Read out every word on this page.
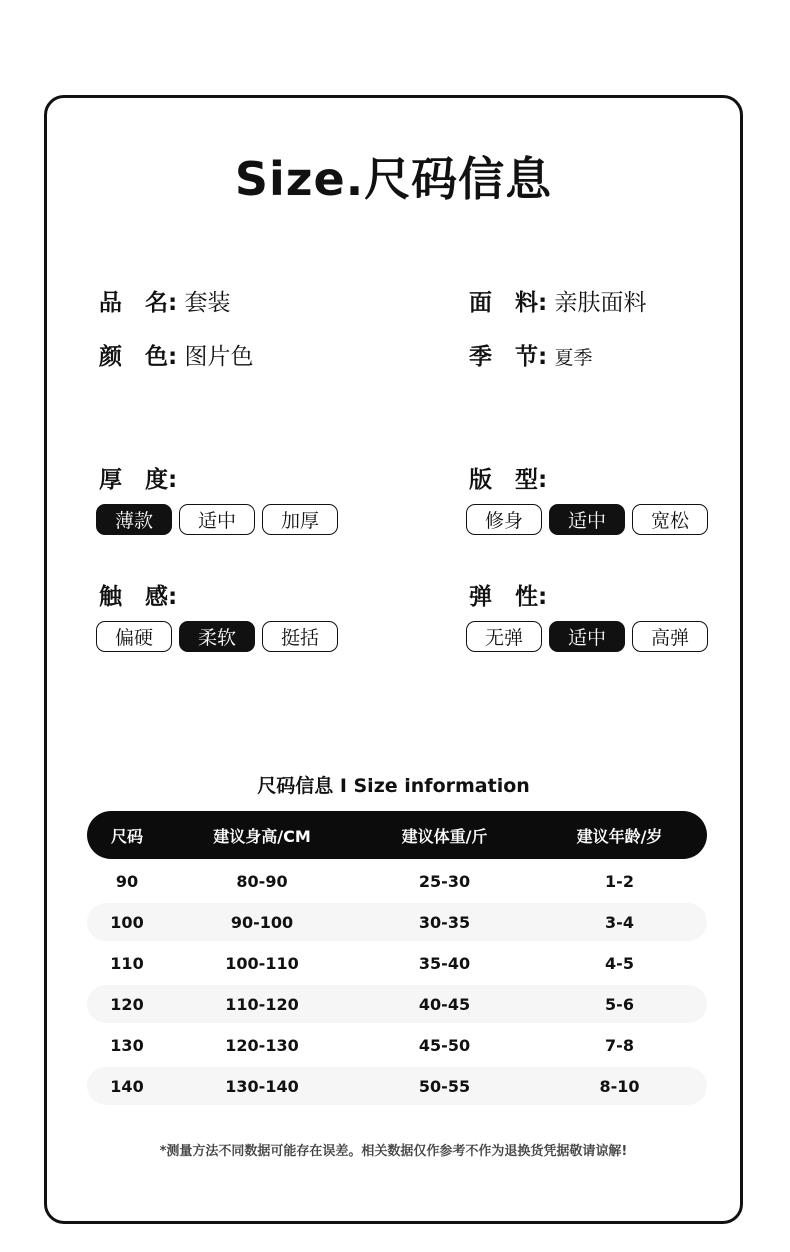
Size.尺码信息
品　名: 套装
颜　色: 图片色
面　料: 亲肤面料
季　节: 夏季
厚　度:
薄款	适中	加厚
版　型:
修身	适中	宽松
触　感:
偏硬	柔软	挺括
弹　性:
无弹	适中	高弹
尺码信息 I Size information
尺码	建议身高/CM	建议体重/斤	建议年龄/岁
90	80-90	25-30	1-2
100	90-100	30-35	3-4
110	100-110	35-40	4-5
120	110-120	40-45	5-6
130	120-130	45-50	7-8
140	130-140	50-55	8-10
*测量方法不同数据可能存在误差。相关数据仅作参考不作为退换货凭据敬请谅解!
